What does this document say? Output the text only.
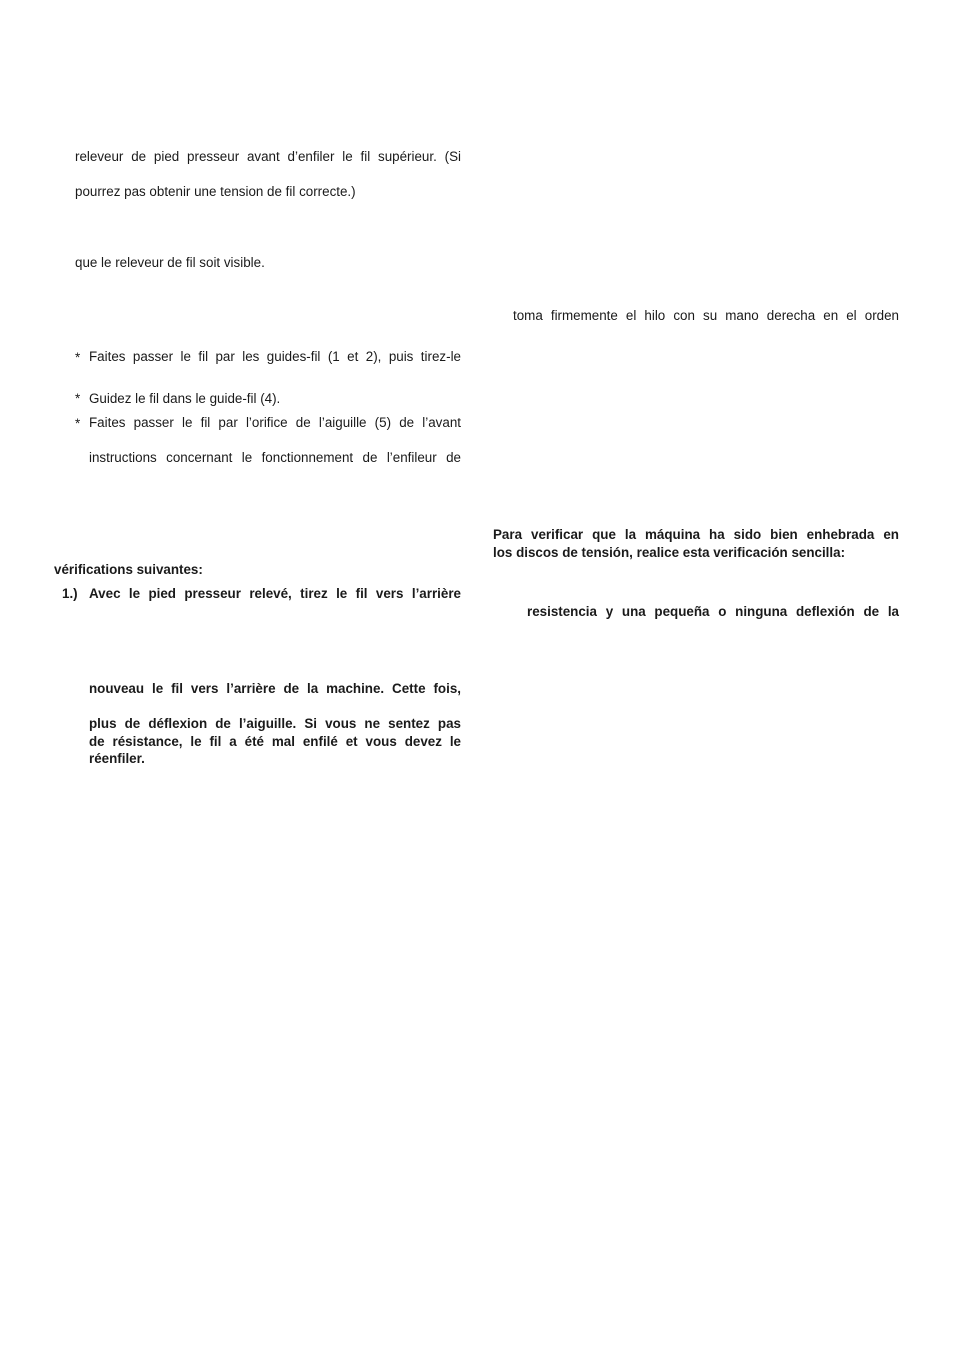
releveur de pied presseur avant d’enfiler le fil supérieur. (Si
pourrez pas obtenir une tension de fil correcte.)
que le releveur de fil soit visible.
* Faites passer le fil par les guides-fil (1 et 2), puis tirez-le
* Guidez le fil dans le guide-fil (4).
* Faites passer le fil par l’orifice de l’aiguille (5) de l’avant
instructions concernant le fonctionnement de l’enfileur de
vérifications suivantes:
1.) Avec le pied presseur relevé, tirez le fil vers l’arrière
nouveau le fil vers l’arrière de la machine. Cette fois,
plus de déflexion de l’aiguille. Si vous ne sentez pas
de résistance, le fil a été mal enfilé et vous devez le
réenfiler.
toma firmemente el hilo con su mano derecha en el orden
Para verificar que la máquina ha sido bien enhebrada en
los discos de tensión, realice esta verificación sencilla:
resistencia y una pequeña o ninguna deflexión de la
